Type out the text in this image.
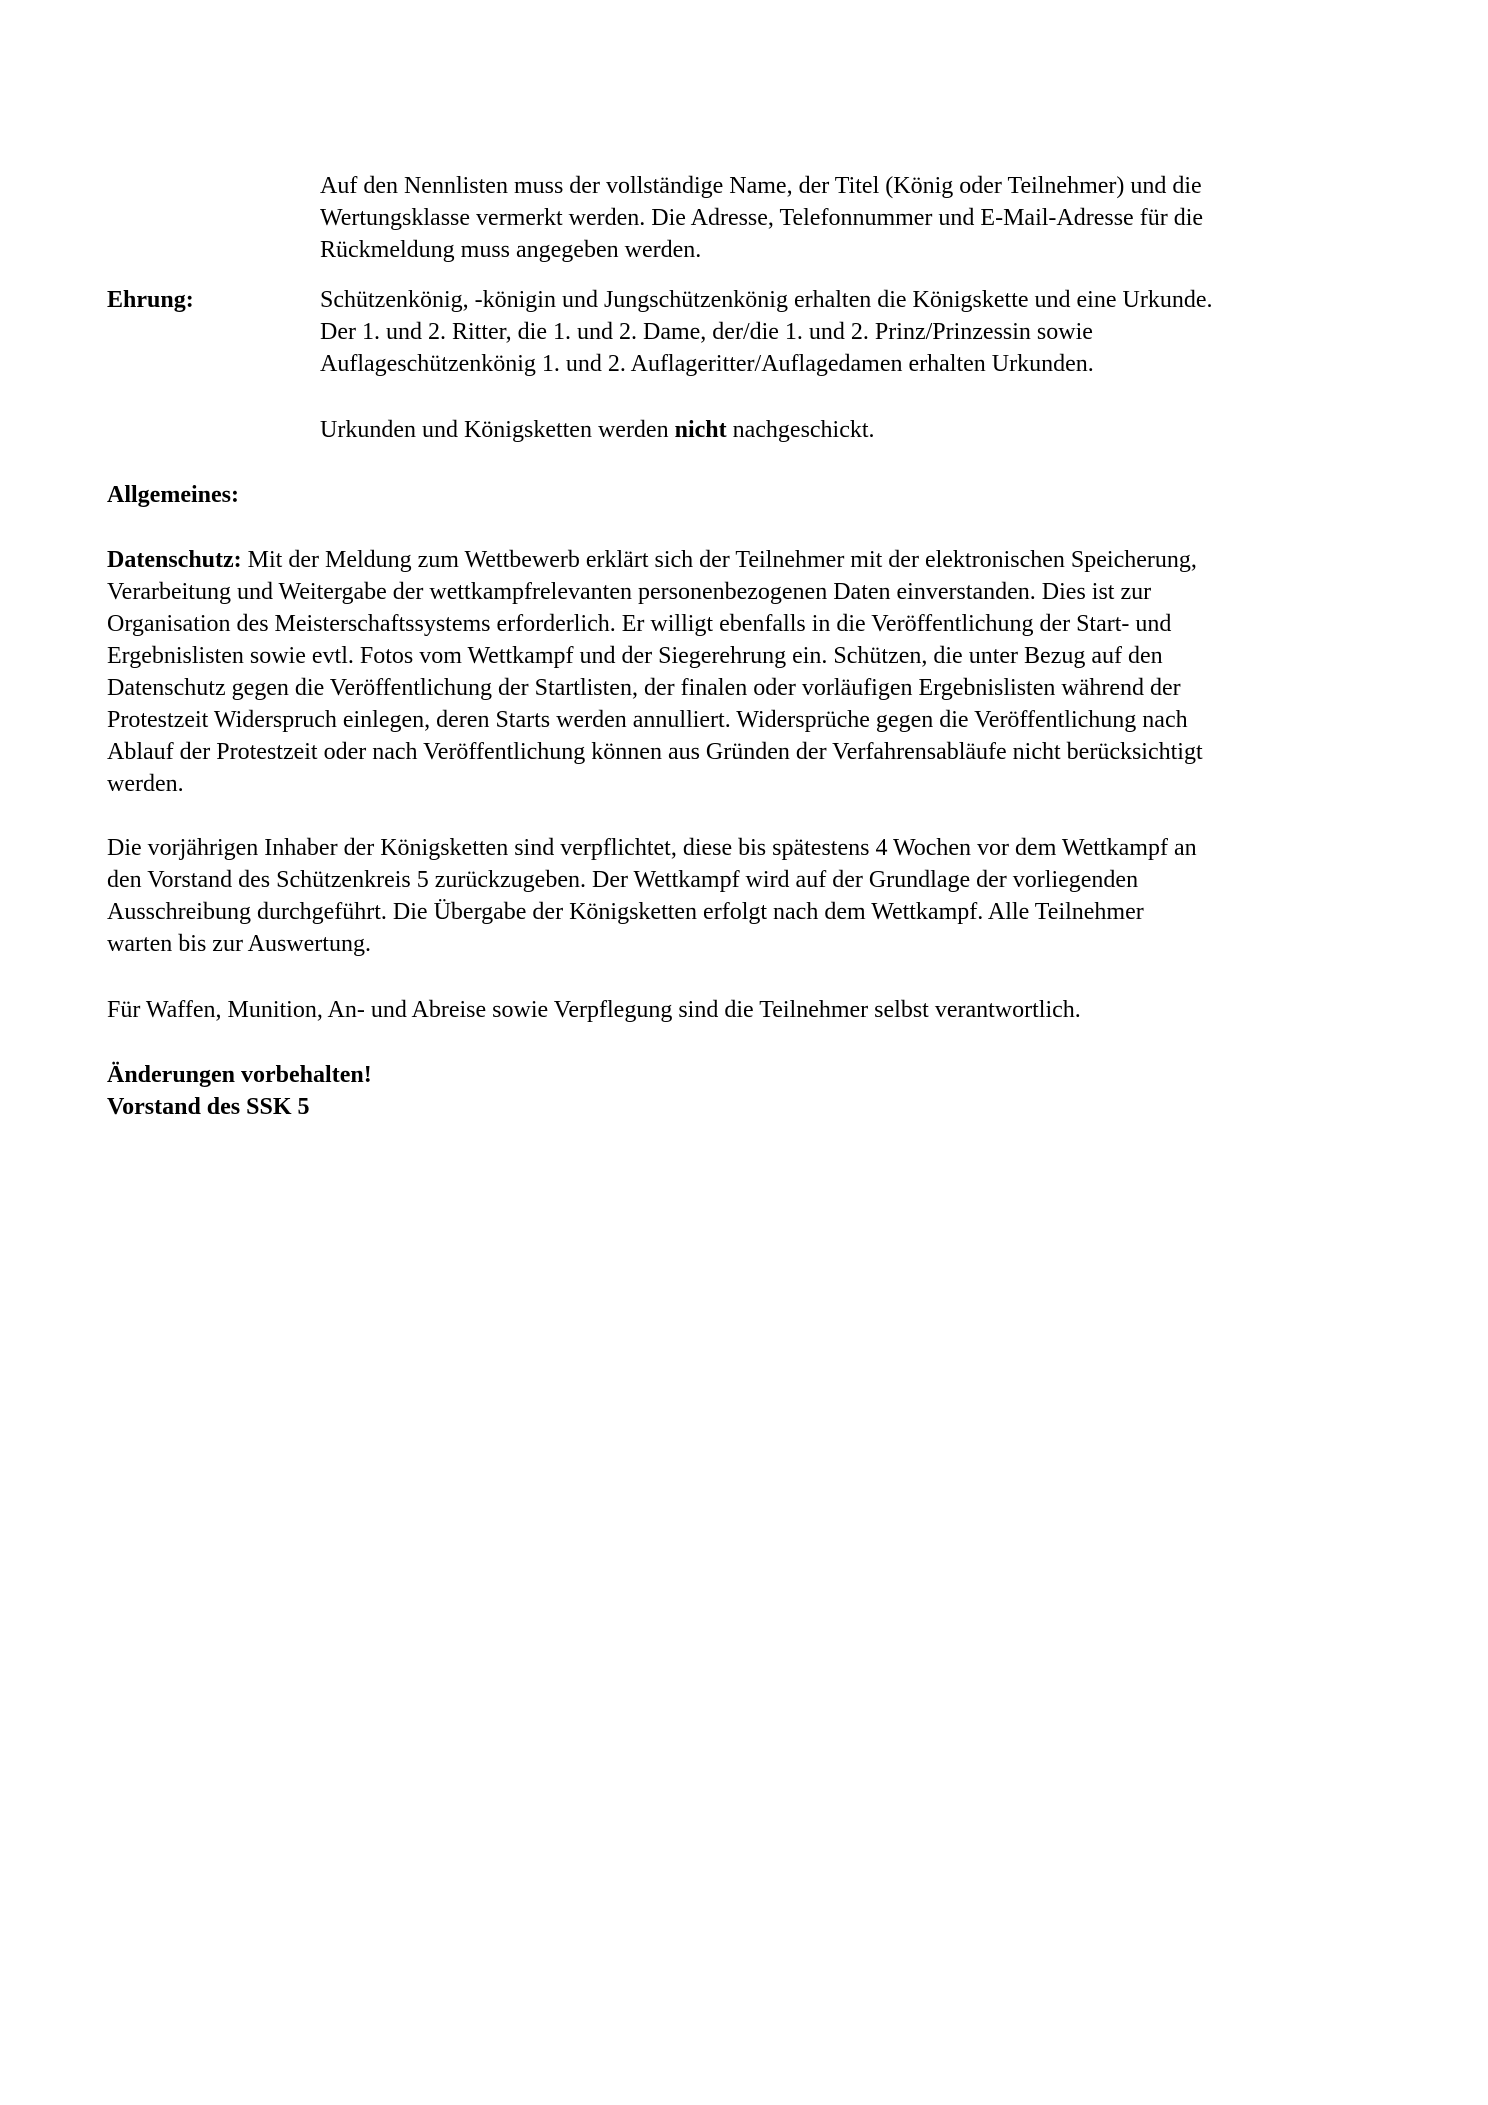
Auf den Nennlisten muss der vollständige Name, der Titel (König oder Teilnehmer) und die
Wertungsklasse vermerkt werden. Die Adresse, Telefonnummer und E-Mail-Adresse für die
Rückmeldung muss angegeben werden.
Ehrung:	Schützenkönig, -königin und Jungschützenkönig erhalten die Königskette und eine Urkunde.
Der 1. und 2. Ritter, die 1. und 2. Dame, der/die 1. und 2. Prinz/Prinzessin sowie
Auflageschützenkönig 1. und 2. Auflageritter/Auflagedamen erhalten Urkunden.
Urkunden und Königsketten werden nicht nachgeschickt.
Allgemeines:
Datenschutz: Mit der Meldung zum Wettbewerb erklärt sich der Teilnehmer mit der elektronischen Speicherung,
Verarbeitung und Weitergabe der wettkampfrelevanten personenbezogenen Daten einverstanden. Dies ist zur
Organisation des Meisterschaftssystems erforderlich. Er willigt ebenfalls in die Veröffentlichung der Start- und
Ergebnislisten sowie evtl. Fotos vom Wettkampf und der Siegerehrung ein. Schützen, die unter Bezug auf den
Datenschutz gegen die Veröffentlichung der Startlisten, der finalen oder vorläufigen Ergebnislisten während der
Protestzeit Widerspruch einlegen, deren Starts werden annulliert. Widersprüche gegen die Veröffentlichung nach
Ablauf der Protestzeit oder nach Veröffentlichung können aus Gründen der Verfahrensabläufe nicht berücksichtigt
werden.
Die vorjährigen Inhaber der Königsketten sind verpflichtet, diese bis spätestens 4 Wochen vor dem Wettkampf an
den Vorstand des Schützenkreis 5 zurückzugeben. Der Wettkampf wird auf der Grundlage der vorliegenden
Ausschreibung durchgeführt. Die Übergabe der Königsketten erfolgt nach dem Wettkampf. Alle Teilnehmer
warten bis zur Auswertung.
Für Waffen, Munition, An- und Abreise sowie Verpflegung sind die Teilnehmer selbst verantwortlich.
Änderungen vorbehalten!
Vorstand des SSK 5
